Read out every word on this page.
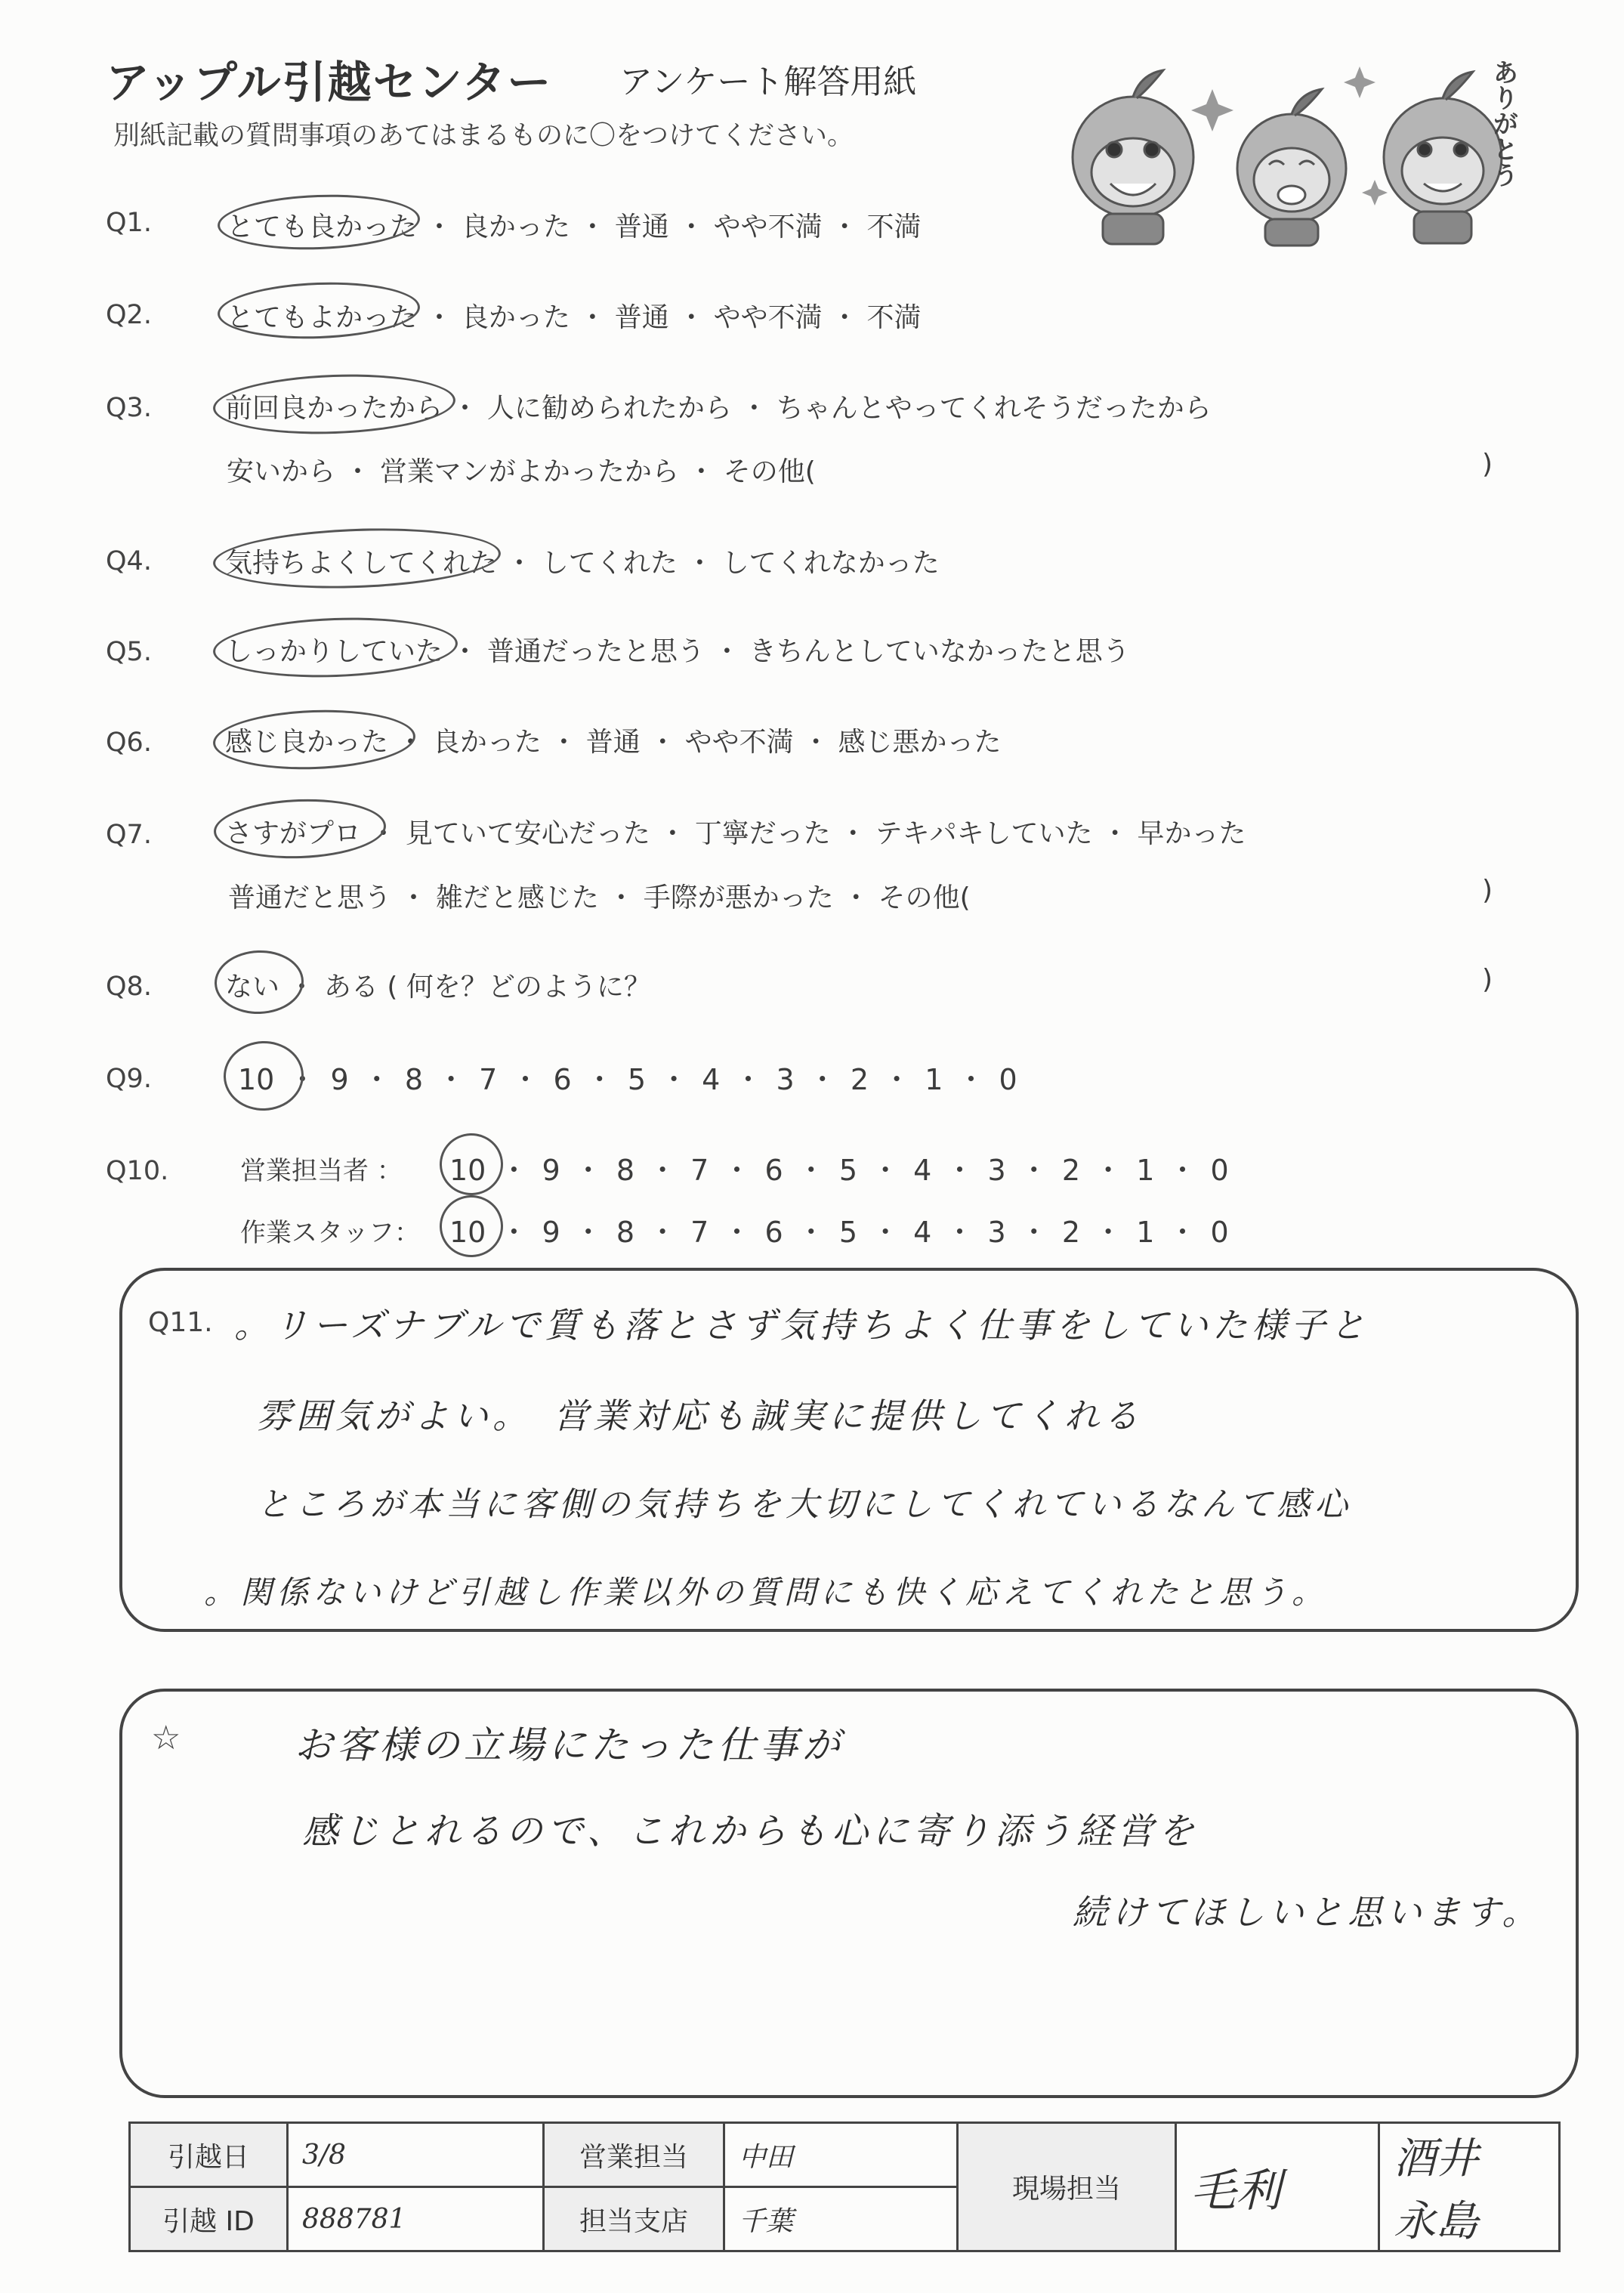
アップル引越センター アンケート解答用紙
別紙記載の質問事項のあてはまるものに〇をつけてください。	ありがとう
Q1.	とても良かった ・ 良かった ・ 普通 ・ やや不満 ・ 不満
Q2.	とてもよかった ・ 良かった ・ 普通 ・ やや不満 ・ 不満
Q3.	前回良かったから ・ 人に勧められたから ・ ちゃんとやってくれそうだったから
安いから ・ 営業マンがよかったから ・ その他(	)
Q4.	気持ちよくしてくれた ・ してくれた ・ してくれなかった
Q5.	しっかりしていた ・ 普通だったと思う ・ きちんとしていなかったと思う
Q6.	感じ良かった ・ 良かった ・ 普通 ・ やや不満 ・ 感じ悪かった
Q7.	さすがプロ ・ 見ていて安心だった ・ 丁寧だった ・ テキパキしていた ・ 早かった
普通だと思う ・ 雑だと感じた ・ 手際が悪かった ・ その他(	)
Q8.	ない ・ ある ( 何を？どのように？	)
Q9.	10 ・ 9 ・ 8 ・ 7 ・ 6 ・ 5 ・ 4 ・ 3 ・ 2 ・ 1 ・ 0
Q10.	営業担当者 ： 10 ・ 9 ・ 8 ・ 7 ・ 6 ・ 5 ・ 4 ・ 3 ・ 2 ・ 1 ・ 0
作業スタッフ： 10 ・ 9 ・ 8 ・ 7 ・ 6 ・ 5 ・ 4 ・ 3 ・ 2 ・ 1 ・ 0
Q11. 。リーズナブルで質も落とさず気持ちよく仕事をしていた様子と
雰囲気がよい。　営業対応も誠実に提供してくれる
ところが本当に客側の気持ちを大切にしてくれているなんて感心
。関係ないけど引越し作業以外の質問にも快く応えてくれたと思う。
☆	お客様の立場にたった仕事が
感じとれるので、これからも心に寄り添う経営を
続けてほしいと思います。
引越日	3/8	営業担当	中田	現場担当	毛利	酒井
引越 ID	888781	担当支店	千葉			永島
